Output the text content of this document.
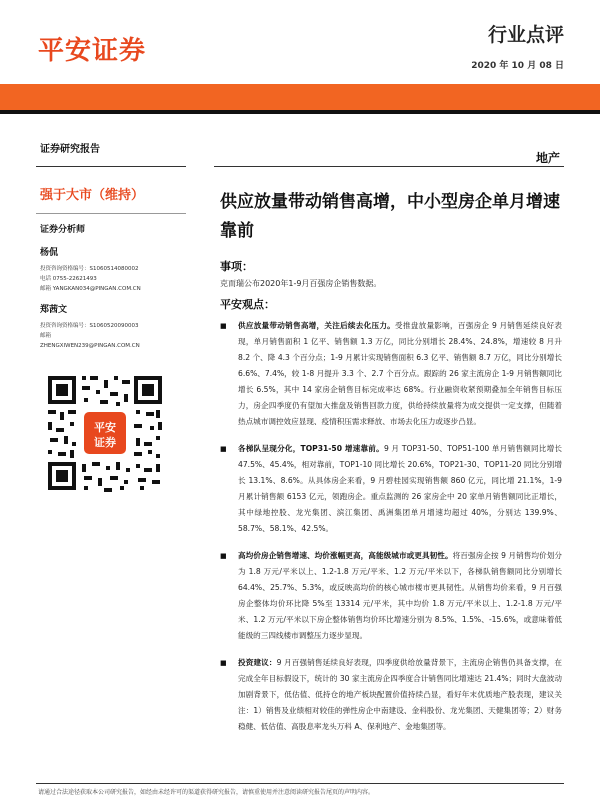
平安证券
行业点评
2020 年 10 月 08 日
证券研究报告
地产
强于大市（维持）
证券分析师
杨侃
投资咨询资格编号：S1060514080002
电话 0755-22621493
邮箱 YANGKAN034@PINGAN.COM.CN
郑茜文
投资咨询资格编号：S1060520090003
邮箱
ZHENGXIWEN239@PINGAN.COM.CN
平安
证券
供应放量带动销售高增，中小型房企单月增速靠前
事项：
克而瑞公布2020年1-9月百强房企销售数据。
平安观点：
■	供应放量带动销售高增，关注后续去化压力。受推盘放量影响，百强房企 9 月销售延续良好表现，单月销售面积 1 亿平、销售额 1.3 万亿，同比分别增长 28.4%、24.8%，增速较 8 月升 8.2 个、降 4.3 个百分点；1-9 月累计实现销售面积 6.3 亿平、销售额 8.7 万亿，同比分别增长 6.6%、7.4%，较 1-8 月提升 3.3 个、2.7 个百分点。跟踪的 26 家主流房企 1-9 月销售额同比增长 6.5%，其中 14 家房企销售目标完成率达 68%。行业融资收紧预期叠加全年销售目标压力，房企四季度仍有望加大推盘及销售回款力度，供给持续放量将为成交提供一定支撑，但随着热点城市调控效应显现、疫情积压需求释放、市场去化压力或逐步凸显。
■	各梯队呈现分化，TOP31-50 增速靠前。9 月 TOP31-50、TOP51-100 单月销售额同比增长 47.5%、45.4%，相对靠前，TOP1-10 同比增长 20.6%，TOP21-30、TOP11-20 同比分别增长 13.1%、8.6%。从具体房企来看，9 月碧桂园实现销售额 860 亿元，同比增 21.1%，1-9 月累计销售额 6153 亿元，领跑房企。重点监测的 26 家房企中 20 家单月销售额同比正增长，其中绿地控股、龙光集团、滨江集团、禹洲集团单月增速均超过 40%，分别达 139.9%、58.7%、58.1%、42.5%。
■	高均价房企销售增速、均价涨幅更高，高能级城市或更具韧性。将百强房企按 9 月销售均价划分为 1.8 万元/平米以上、1.2-1.8 万元/平米、1.2 万元/平米以下，各梯队销售额同比分别增长 64.4%、25.7%、5.3%，或反映高均价的核心城市楼市更具韧性。从销售均价来看，9 月百强房企整体均价环比降 5%至 13314 元/平米，其中均价 1.8 万元/平米以上、1.2-1.8 万元/平米、1.2 万元/平米以下房企整体销售均价环比增速分别为 8.5%、1.5%、-15.6%，或意味着低能级的三四线楼市调整压力逐步显现。
■	投资建议：9 月百强销售延续良好表现，四季度供给放量背景下，主流房企销售仍具备支撑，在完成全年目标假设下，统计的 30 家主流房企四季度合计销售同比增速达 21.4%；同时大盘波动加剧背景下，低估值、低持仓的地产板块配置价值持续凸显，看好年末优质地产股表现，建议关注：1）销售及业绩相对较佳的弹性房企中南建设、金科股份、龙光集团、天健集团等；2）财务稳健、低估值、高股息率龙头万科 A、保利地产、金地集团等。
请通过合法途径获取本公司研究报告，如经由未经许可的渠道获得研究报告，请慎重使用并注意阅读研究报告尾页的声明内容。
